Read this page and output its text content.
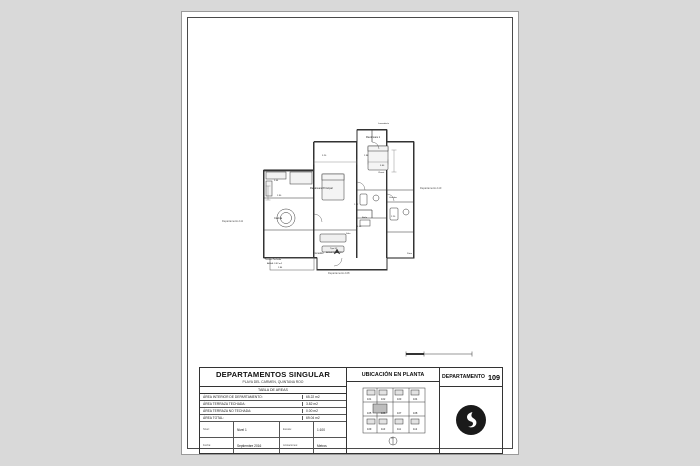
Recámara Principal
Recámara 1
Cocina
Comedor
Sala
Baño
Vestidor
Closet
Patio
Lavandería
Departamento 110
Departamento 108
Departamento 111
Terraza Techada
ÁREA: 3.82 m2
2.84
Tipo 52
ÁREA INT.= 7.93
3.20
3.60
2.98
3.44
2.90
1.40
2.20
1.72
DEPARTAMENTOS SINGULAR
PLAYA DEL CARMEN, QUINTANA ROO
TABLA DE AREAS
ÁREA INTERIOR DE DEPARTAMENTO:	65.22 m2
ÁREA TERRAZA TECHADA:	3.82 m2
ÁREA TERRAZA NO TECHADA:	0.00 m2
ÁREA TOTAL:	69.04 m2
Nivel:	Nivel 1	Escala:	1:100
Fecha:	Septiembre 2016	Acotaciones:	Metros
UBICACIÓN EN PLANTA
101	102	103	104
105	106	107	108
109	110	111	112
N
DEPARTAMENTO 109
